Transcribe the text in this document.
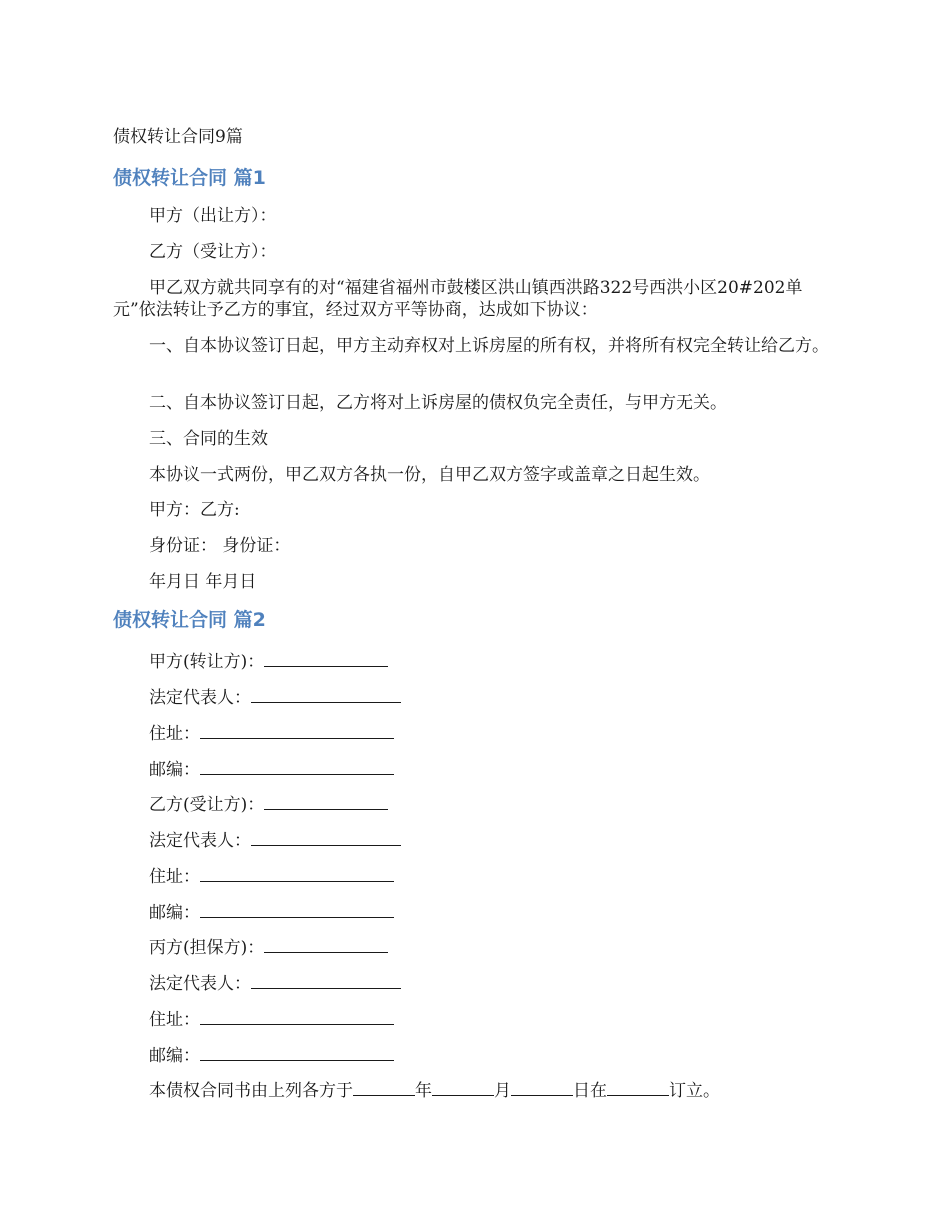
债权转让合同9篇
债权转让合同 篇1

甲方（出让方）：

乙方（受让方）：

甲乙双方就共同享有的对“福建省福州市鼓楼区洪山镇西洪路322号西洪小区20#202单元”依法转让予乙方的事宜，经过双方平等协商，达成如下协议：

一、自本协议签订日起，甲方主动弃权对上诉房屋的所有权，并将所有权完全转让给乙方。

二、自本协议签订日起，乙方将对上诉房屋的债权负完全责任，与甲方无关。

三、合同的生效

本协议一式两份，甲乙双方各执一份，自甲乙双方签字或盖章之日起生效。

甲方：乙方:

身份证： 身份证：

年月日 年月日

债权转让合同 篇2
甲方(转让方)：
法定代表人：
住址：
邮编：
乙方(受让方)：
法定代表人：
住址：
邮编：
丙方(担保方)：
法定代表人：
住址：
邮编：
本债权合同书由上列各方于	年	月	日在	订立。
